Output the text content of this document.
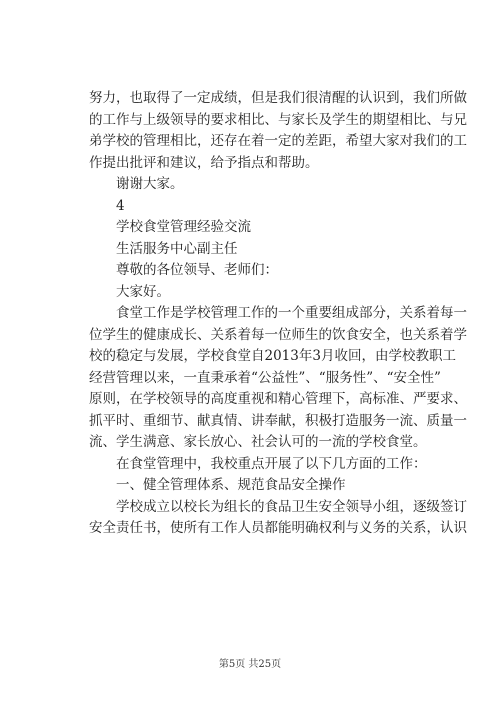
努力，也取得了一定成绩，但是我们很清醒的认识到，我们所做
的工作与上级领导的要求相比、与家长及学生的期望相比、与兄
弟学校的管理相比，还存在着一定的差距，希望大家对我们的工
作提出批评和建议，给予指点和帮助。
谢谢大家。
4
学校食堂管理经验交流
生活服务中心副主任
尊敬的各位领导、老师们：
大家好。
食堂工作是学校管理工作的一个重要组成部分，关系着每一
位学生的健康成长、关系着每一位师生的饮食安全，也关系着学
校的稳定与发展，学校食堂自2013年3月收回，由学校教职工
经营管理以来，一直秉承着“公益性”、“服务性”、“安全性”
原则，在学校领导的高度重视和精心管理下，高标准、严要求、
抓平时、重细节、献真情、讲奉献，积极打造服务一流、质量一
流、学生满意、家长放心、社会认可的一流的学校食堂。
在食堂管理中，我校重点开展了以下几方面的工作：
一、健全管理体系、规范食品安全操作
学校成立以校长为组长的食品卫生安全领导小组，逐级签订
安全责任书，使所有工作人员都能明确权利与义务的关系，认识
第5页 共25页
